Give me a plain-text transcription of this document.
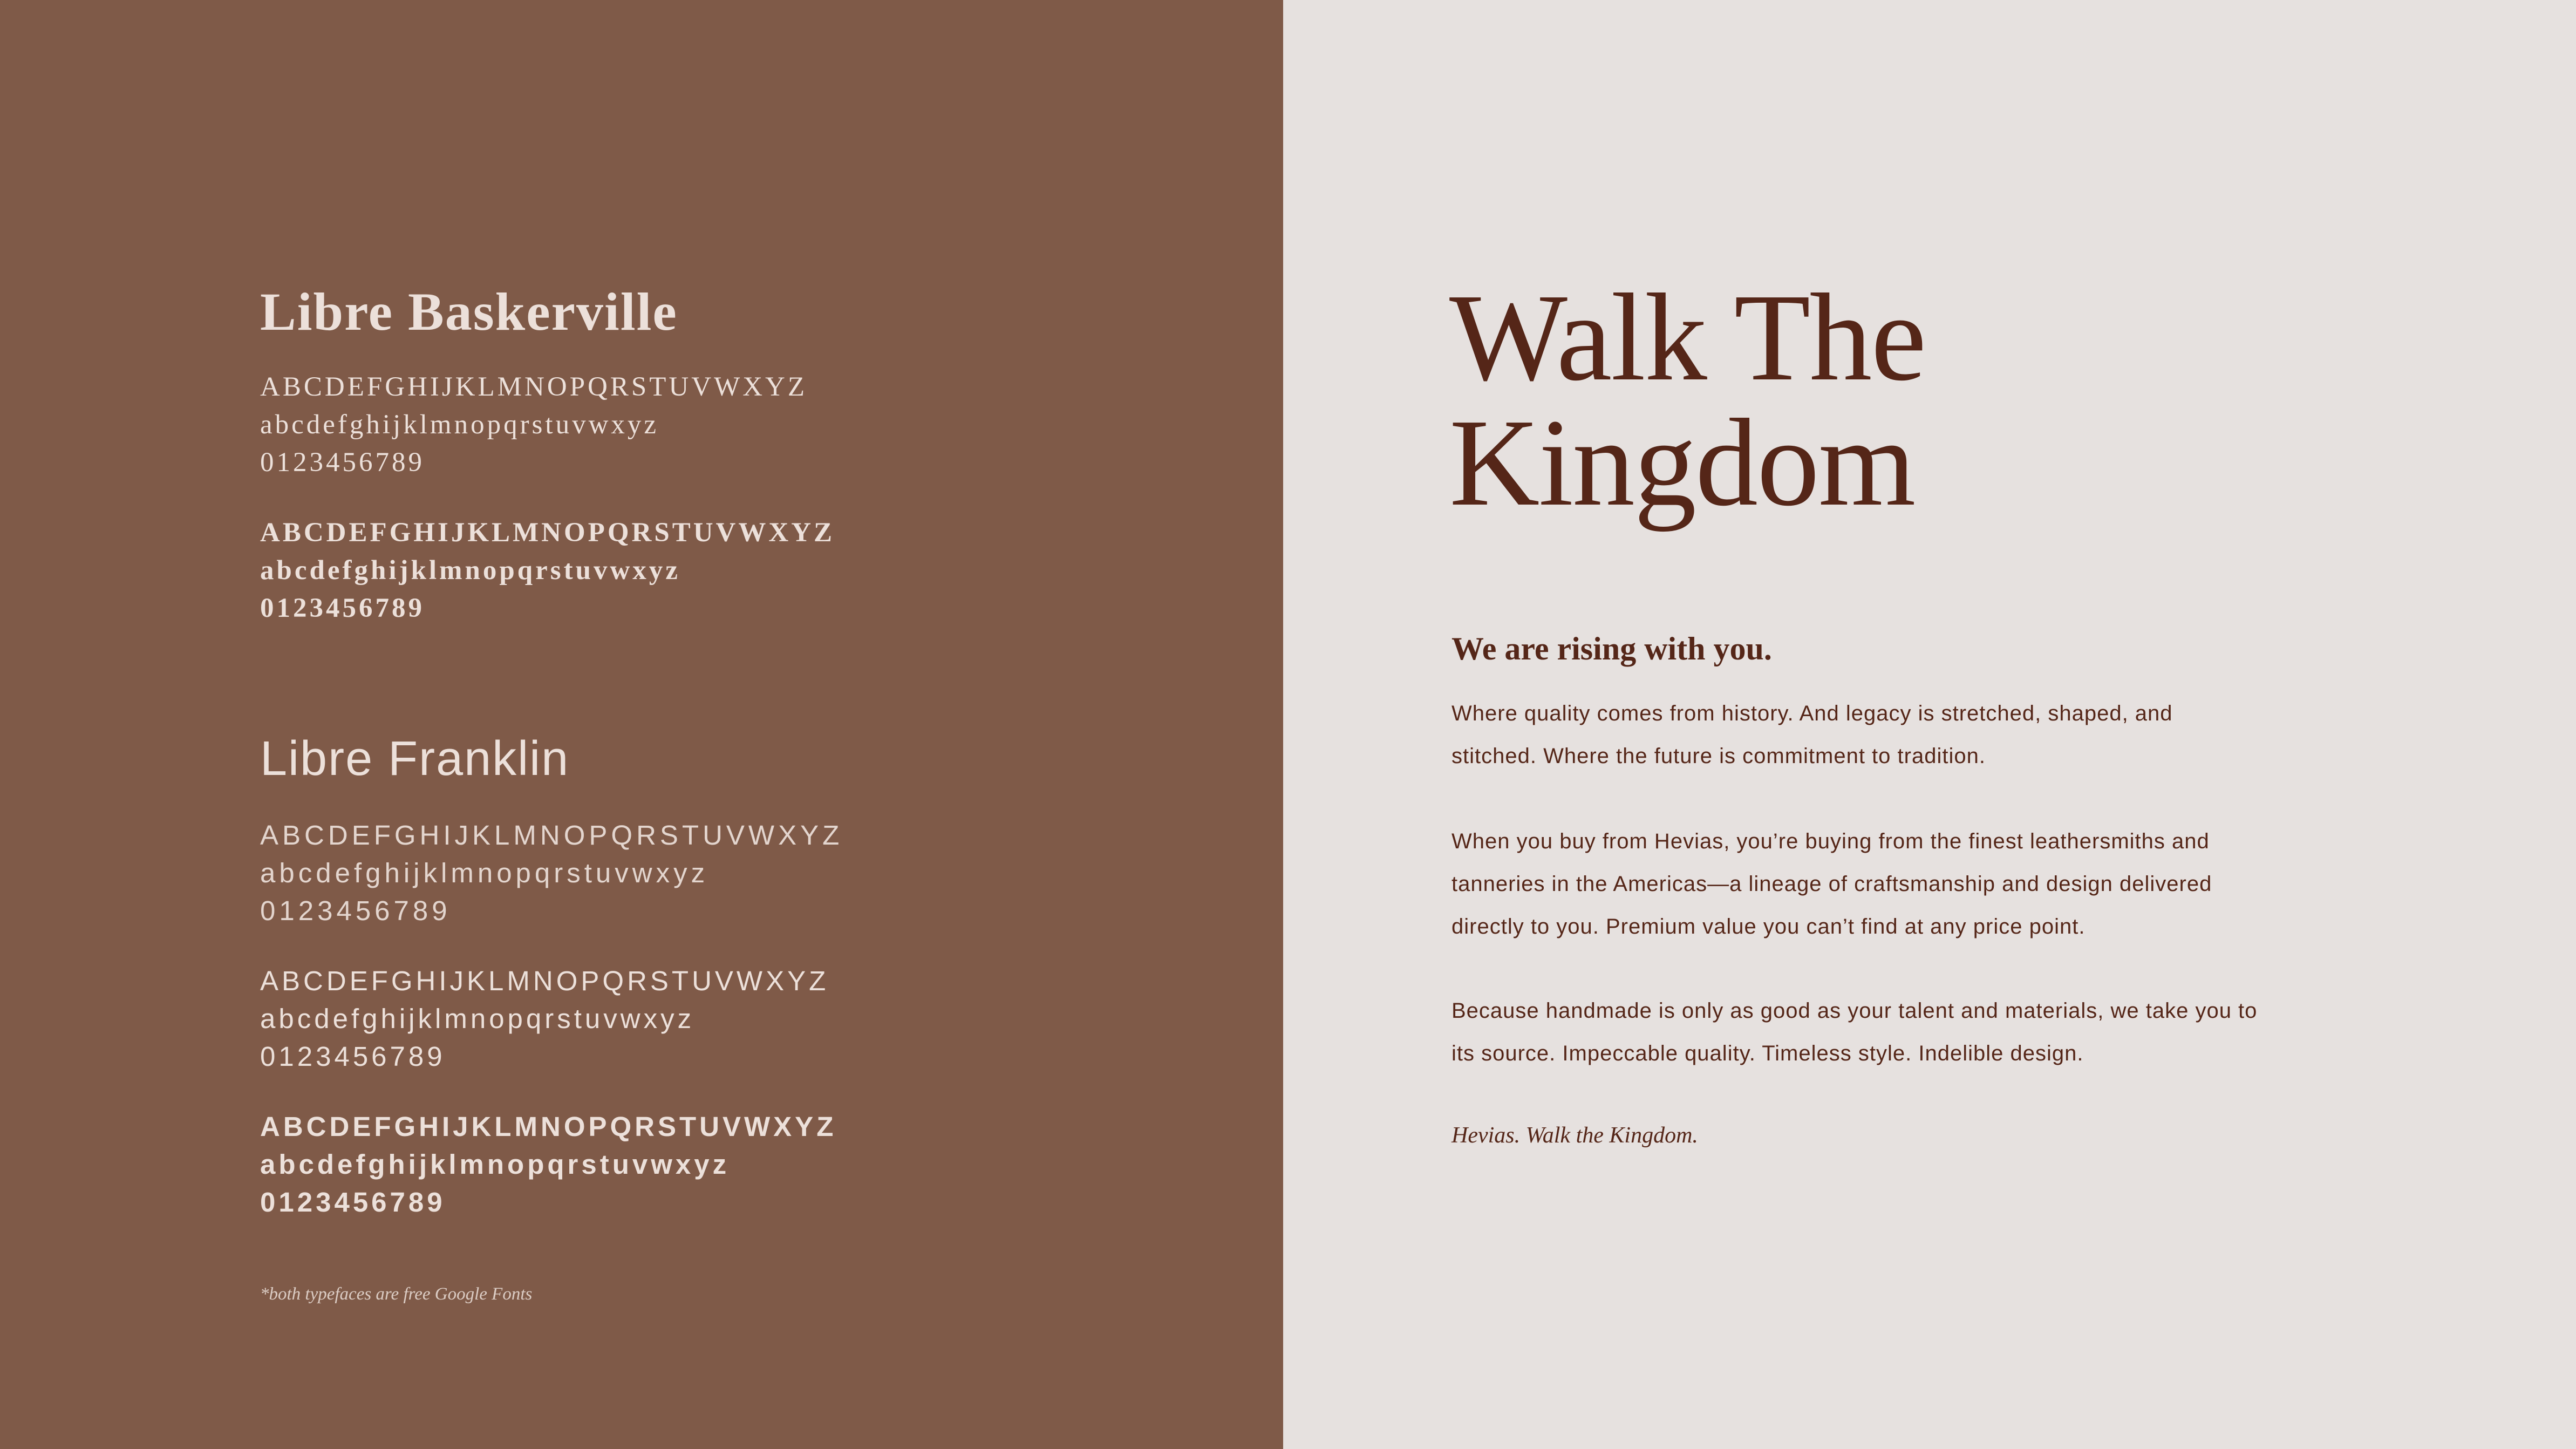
Libre Baskerville
ABCDEFGHIJKLMNOPQRSTUVWXYZ
abcdefghijklmnopqrstuvwxyz
0123456789
ABCDEFGHIJKLMNOPQRSTUVWXYZ
abcdefghijklmnopqrstuvwxyz
0123456789
Libre Franklin
ABCDEFGHIJKLMNOPQRSTUVWXYZ
abcdefghijklmnopqrstuvwxyz
0123456789
ABCDEFGHIJKLMNOPQRSTUVWXYZ
abcdefghijklmnopqrstuvwxyz
0123456789
ABCDEFGHIJKLMNOPQRSTUVWXYZ
abcdefghijklmnopqrstuvwxyz
0123456789

*both typefaces are free Google Fonts

Walk The
Kingdom
We are rising with you.

Where quality comes from history. And legacy is stretched, shaped, and stitched. Where the future is commitment to tradition.

When you buy from Hevias, you’re buying from the finest leathersmiths and tanneries in the Americas—a lineage of craftsmanship and design delivered directly to you. Premium value you can’t find at any price point.

Because handmade is only as good as your talent and materials, we take you to its source. Impeccable quality. Timeless style. Indelible design.

Hevias. Walk the Kingdom.
